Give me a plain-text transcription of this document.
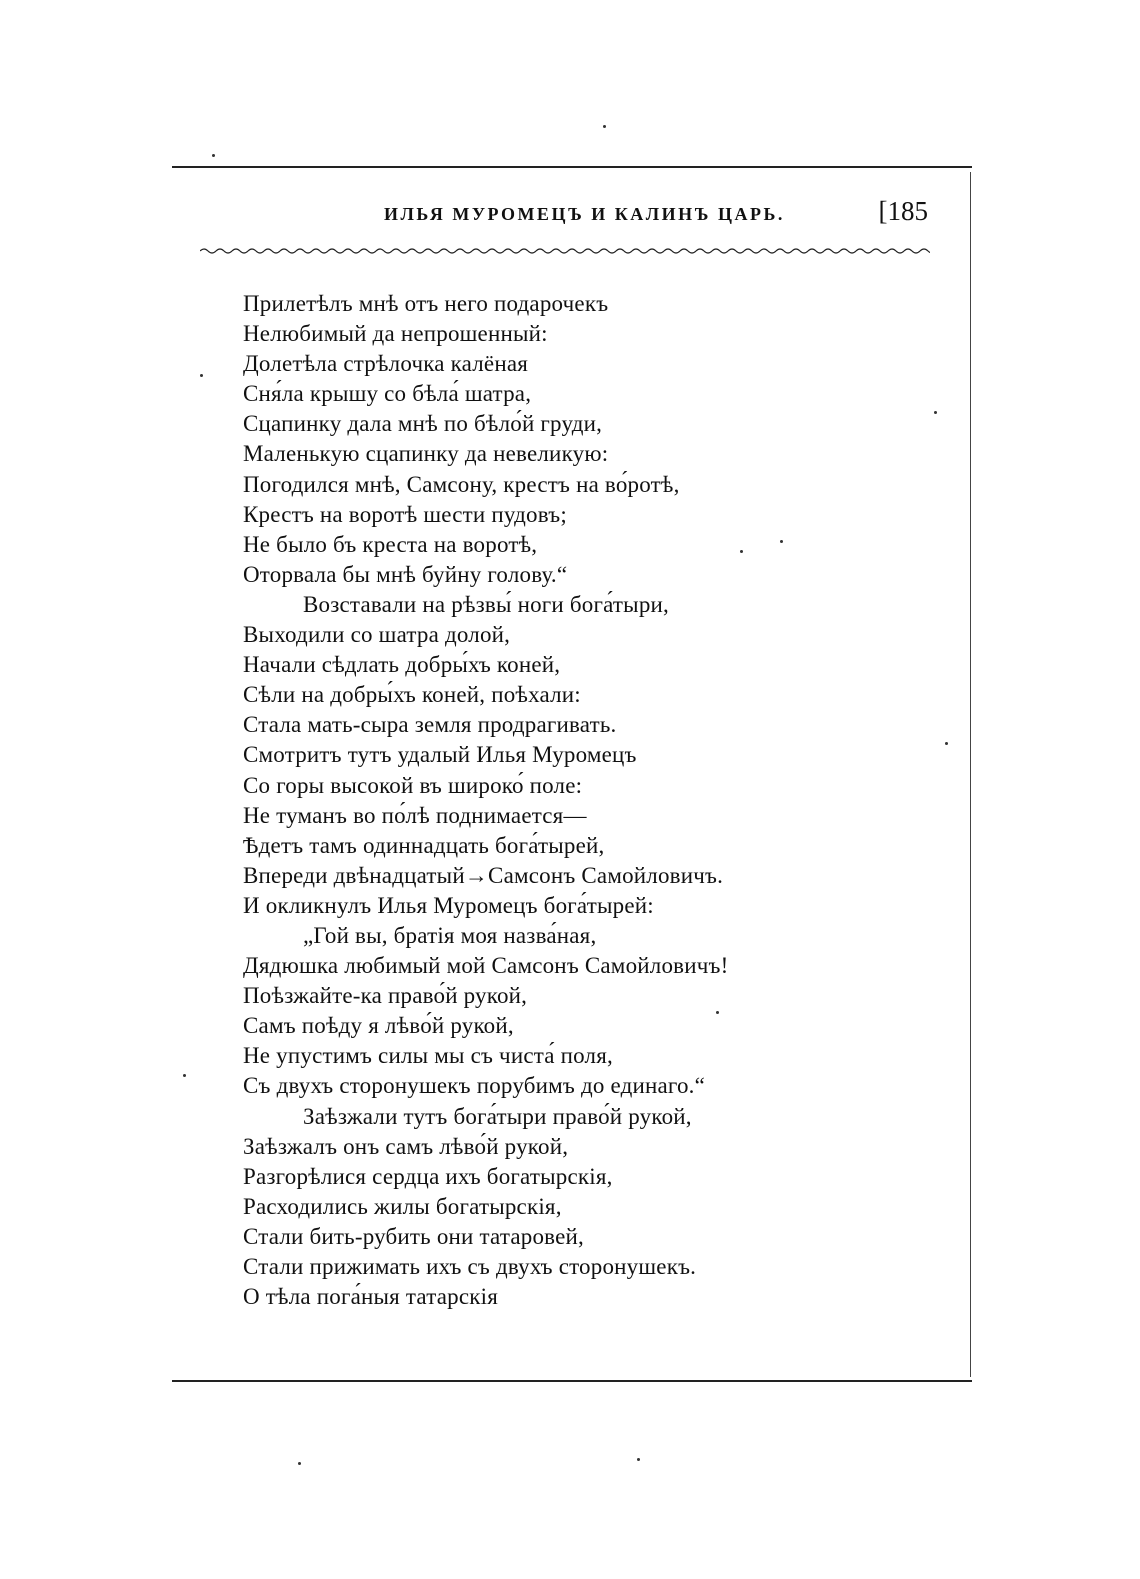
ИЛЬЯ МУРОМЕЦЪ И КАЛИНЪ ЦАРЬ.	[185
Прилетѣлъ мнѣ отъ него подарочекъ
Нелюбимый да непрошенный:
Долетѣла стрѣлочка калёная
Сня́ла крышу со бѣла́ шатра,
Сцапинку дала мнѣ по бѣло́й груди,
Маленькую сцапинку да невеликую:
Погодился мнѣ, Самсону, крестъ на во́ротѣ,
Крестъ на воротѣ шести пудовъ;
Не было бъ креста на воротѣ,
Оторвала бы мнѣ буйну голову.“
Возставали на рѣзвы́ ноги бога́тыри,
Выходили со шатра долой,
Начали сѣдлать добры́хъ коней,
Сѣли на добры́хъ коней, поѣхали:
Стала мать-сыра земля продрагивать.
Смотритъ тутъ удалый Илья Муромецъ
Со горы высокой въ широко́ поле:
Не туманъ во по́лѣ поднимается—
Ѣдетъ тамъ одиннадцать бога́тырей,
Впереди двѣнадцатый→Самсонъ Самойловичъ.
И окликнулъ Илья Муромецъ бога́тырей:
„Гой вы, братія моя назва́ная,
Дядюшка любимый мой Самсонъ Самойловичъ!
Поѣзжайте-ка право́й рукой,
Самъ поѣду я лѣво́й рукой,
Не упустимъ силы мы съ чиста́ поля,
Съ двухъ сторонушекъ порубимъ до единаго.“
Заѣзжали тутъ бога́тыри право́й рукой,
Заѣзжалъ онъ самъ лѣво́й рукой,
Разгорѣлися сердца ихъ богатырскія,
Расходились жилы богатырскія,
Стали бить-рубить они татаровей,
Стали прижимать ихъ съ двухъ сторонушекъ.
О тѣла пога́ныя татарскія
